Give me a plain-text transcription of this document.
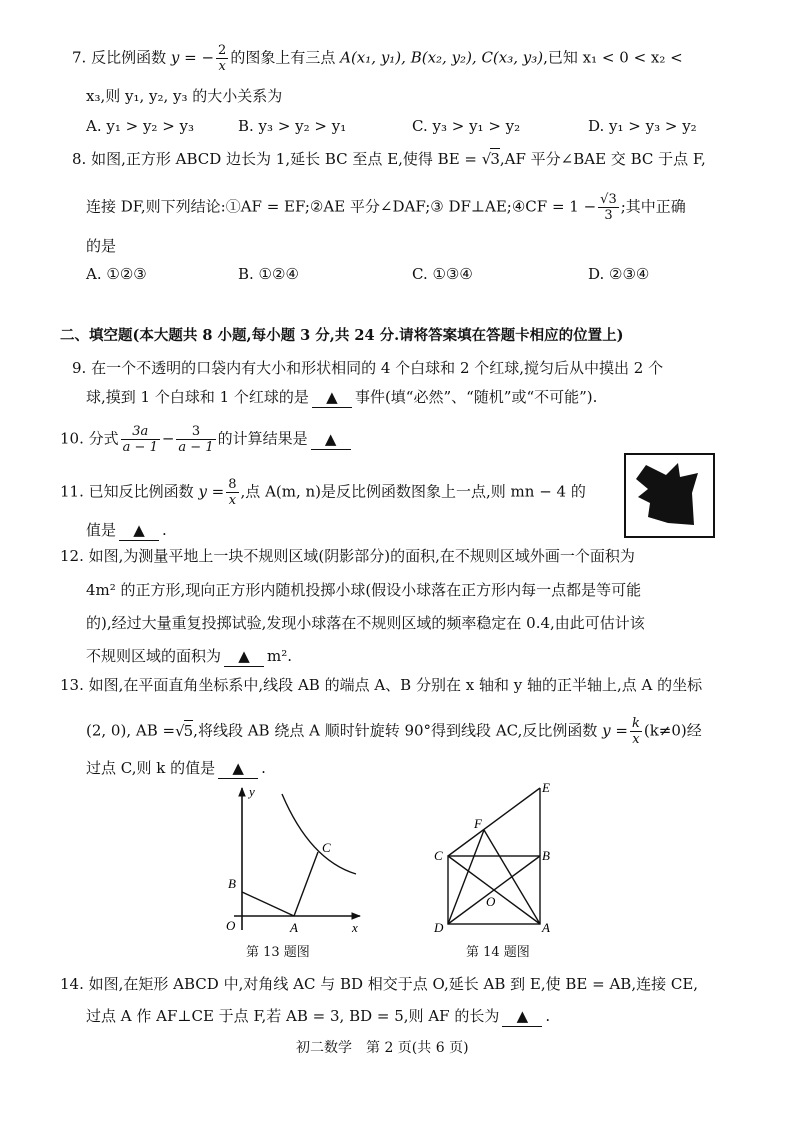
7. 反比例函数 y = − $\frac{2}{x}$ 的图象上有三点 A(x₁, y₁), B(x₂, y₂), C(x₃, y₃),已知 x₁ < 0 < x₂ <
x₃,则 y₁, y₂, y₃ 的大小关系为
A. y₁ > y₂ > y₃	B. y₃ > y₂ > y₁	C. y₃ > y₁ > y₂	D. y₁ > y₃ > y₂
8. 如图,正方形 ABCD 边长为 1,延长 BC 至点 E,使得 BE = √3,AF 平分∠BAE 交 BC 于点 F,
连接 DF,则下列结论:①AF = EF;②AE 平分∠DAF;③ DF⊥AE;④CF = $1 - \frac{√3}{3}$ ;其中正确
的是
A. ①②③	B. ①②④	C. ①③④	D. ②③④
二、填空题(本大题共 8 小题,每小题 3 分,共 24 分.请将答案填在答题卡相应的位置上)
9. 在一个不透明的口袋内有大小和形状相同的 4 个白球和 2 个红球,搅匀后从中摸出 2 个
球,摸到 1 个白球和 1 个红球的是 ▲ 事件(填“必然”、“随机”或“不可能”).
10. 分式 $\frac{3a}{a - 1} - \frac{3}{a - 1}$ 的计算结果是 ▲
11. 已知反比例函数 $y = \frac{8}{x}$ ,点 A(m, n)是反比例函数图象上一点,则 mn − 4 的
值是 ▲ .
12. 如图,为测量平地上一块不规则区域(阴影部分)的面积,在不规则区域外画一个面积为
4m² 的正方形,现向正方形内随机投掷小球(假设小球落在正方形内每一点都是等可能
的),经过大量重复投掷试验,发现小球落在不规则区域的频率稳定在 0.4,由此可估计该
不规则区域的面积为 ▲ m².
13. 如图,在平面直角坐标系中,线段 AB 的端点 A、B 分别在 x 轴和 y 轴的正半轴上,点 A 的坐标
(2, 0), AB =√5,将线段 AB 绕点 A 顺时针旋转 90°得到线段 AC,反比例函数 $y = \frac{k}{x} (k\ne 0)$经
过点 C,则 k 的值是 ▲ .
y
x
O	A
B
C
第 13 题图
E
F
C	B
O
D	A
第 14 题图
14. 如图,在矩形 ABCD 中,对角线 AC 与 BD 相交于点 O,延长 AB 到 E,使 BE = AB,连接 CE,
过点 A 作 AF⊥CE 于点 F,若 AB = 3, BD = 5,则 AF 的长为 ▲ .
初二数学　第 2 页(共 6 页)
